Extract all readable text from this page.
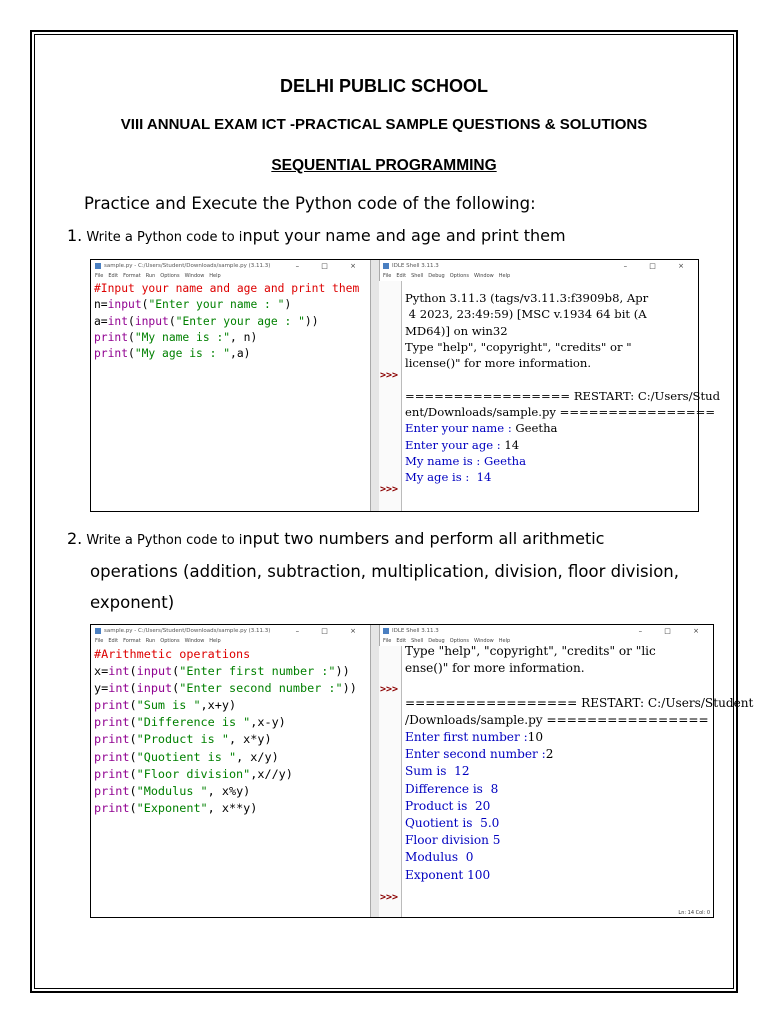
DELHI PUBLIC SCHOOL
VIII ANNUAL EXAM ICT -PRACTICAL SAMPLE QUESTIONS & SOLUTIONS
SEQUENTIAL PROGRAMMING
Practice and Execute the Python code of the following:
1. Write a Python code to input your name and age and print them
sample.py - C:/Users/Student/Downloads/sample.py (3.11.3)	– □ ×
File Edit Format Run Options Window Help
#Input your name and age and print them
n=input("Enter your name : ")
a=int(input("Enter your age : "))
print("My name is :", n)
print("My age is : ",a)
IDLE Shell 3.11.3	– □ ×
File Edit Shell Debug Options Window Help
>>>
>>>
Python 3.11.3 (tags/v3.11.3:f3909b8, Apr
4 2023, 23:49:59) [MSC v.1934 64 bit (A
MD64)] on win32
Type "help", "copyright", "credits" or "
license()" for more information.

================= RESTART: C:/Users/Stud
ent/Downloads/sample.py ================
Enter your name : Geetha
Enter your age : 14
My name is : Geetha
My age is :  14
2. Write a Python code to input two numbers and perform all arithmetic
operations (addition, subtraction, multiplication, division, floor division,
exponent)
sample.py - C:/Users/Student/Downloads/sample.py (3.11.3)	– □ ×
File Edit Format Run Options Window Help
#Arithmetic operations
x=int(input("Enter first number :"))
y=int(input("Enter second number :"))
print("Sum is ",x+y)
print("Difference is ",x-y)
print("Product is ", x*y)
print("Quotient is ", x/y)
print("Floor division",x//y)
print("Modulus ", x%y)
print("Exponent", x**y)
IDLE Shell 3.11.3	– □ ×
File Edit Shell Debug Options Window Help
>>>
>>>
Type "help", "copyright", "credits" or "lic
ense()" for more information.

================= RESTART: C:/Users/Student
/Downloads/sample.py ================
Enter first number :10
Enter second number :2
Sum is  12
Difference is  8
Product is  20
Quotient is  5.0
Floor division 5
Modulus  0
Exponent 100
Ln: 14 Col: 0
